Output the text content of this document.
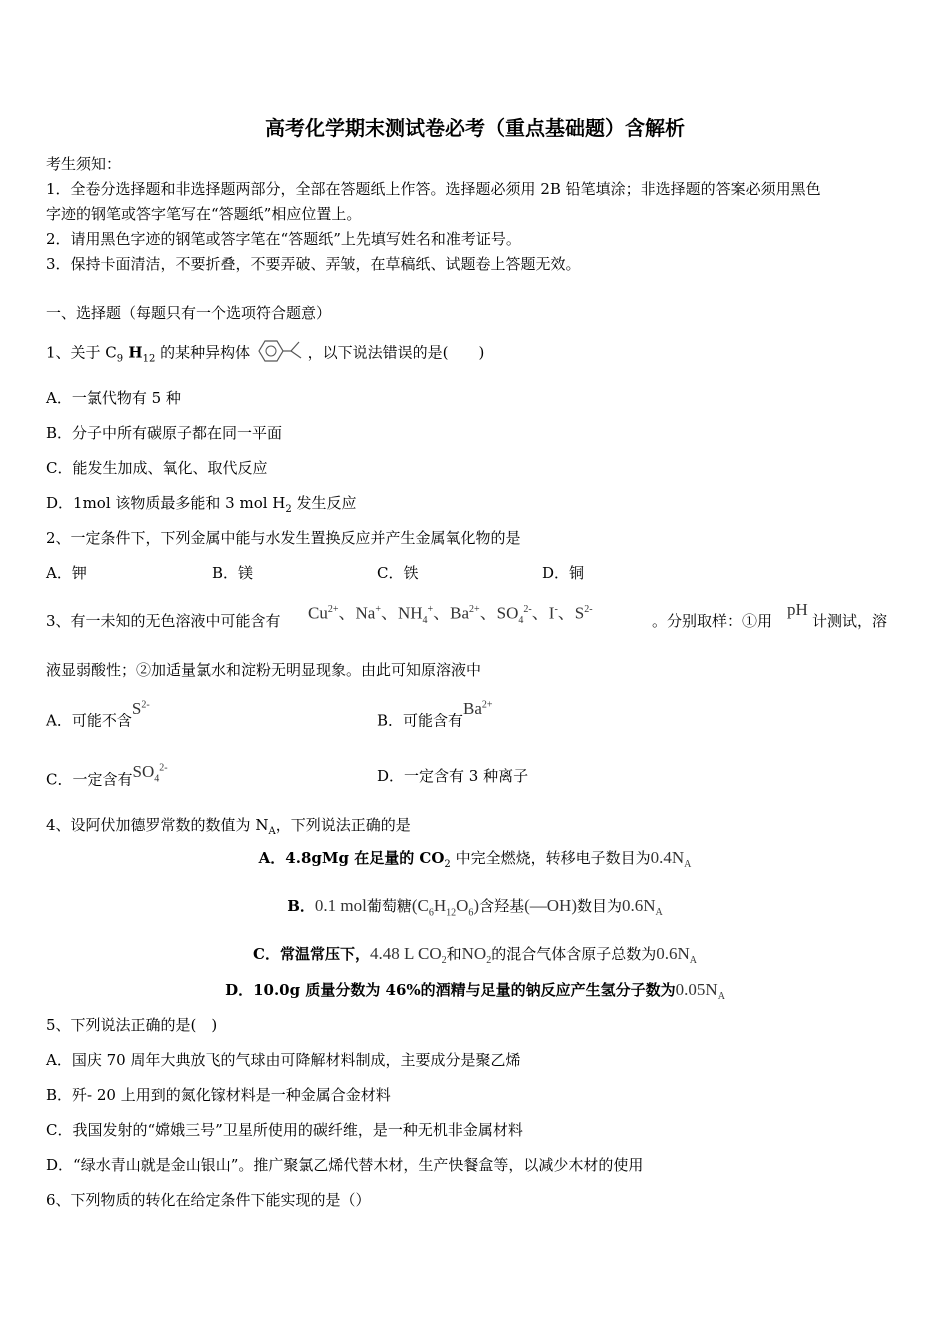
高考化学期末测试卷必考（重点基础题）含解析
考生须知：
1．全卷分选择题和非选择题两部分，全部在答题纸上作答。选择题必须用 2B 铅笔填涂；非选择题的答案必须用黑色
字迹的钢笔或答字笔写在“答题纸”相应位置上。
2．请用黑色字迹的钢笔或答字笔在“答题纸”上先填写姓名和准考证号。
3．保持卡面清洁，不要折叠，不要弄破、弄皱，在草稿纸、试题卷上答题无效。
一、选择题（每题只有一个选项符合题意）
1、关于 $C_9$ $H_{12}$ 的某种异构体	，以下说法错误的是(　　)
A．一氯代物有 5 种
B．分子中所有碳原子都在同一平面
C．能发生加成、氧化、取代反应
D．1mol 该物质最多能和 3 mol $H_2$ 发生反应
2、一定条件下，下列金属中能与水发生置换反应并产生金属氧化物的是
A．钾	B．镁	C．铁	D．铜
3、有一未知的无色溶液中可能含有 $Cu^{2+}$、Na+、$NH_4^+$、$Ba^{2+}$、$SO_4^{2-}$、I-、$S^{2-}$
。分别取样：①用
pH
计测试，溶
液显弱酸性；②加适量氯水和淀粉无明显现象。由此可知原溶液中
A．可能不含$S^{2-}$
B．可能含有$Ba^{2+}$
C．一定含有$SO_4^{2-}$	D．一定含有 3 种离子
4、设阿伏加德罗常数的数值为 $N_A$，下列说法正确的是
A．4.8gMg 在足量的 $CO_2$ 中完全燃烧，转移电子数目为$0.4N_A$
B．0.1 mol葡萄糖$(C_6H_{12}O_6)$含羟基(—OH)数目为$0.6N_A$
C．常温常压下，4.48 L $CO_2$和$NO_2$的混合气体含原子总数为$0.6N_A$
D．10.0g 质量分数为 46%的酒精与足量的钠反应产生氢分子数为$0.05N_A$
5、下列说法正确的是(　)
A．国庆 70 周年大典放飞的气球由可降解材料制成，主要成分是聚乙烯
B．歼- 20 上用到的氮化镓材料是一种金属合金材料
C．我国发射的“嫦娥三号”卫星所使用的碳纤维，是一种无机非金属材料
D．“绿水青山就是金山银山”。推广聚氯乙烯代替木材，生产快餐盒等，以减少木材的使用
6、下列物质的转化在给定条件下能实现的是（）
